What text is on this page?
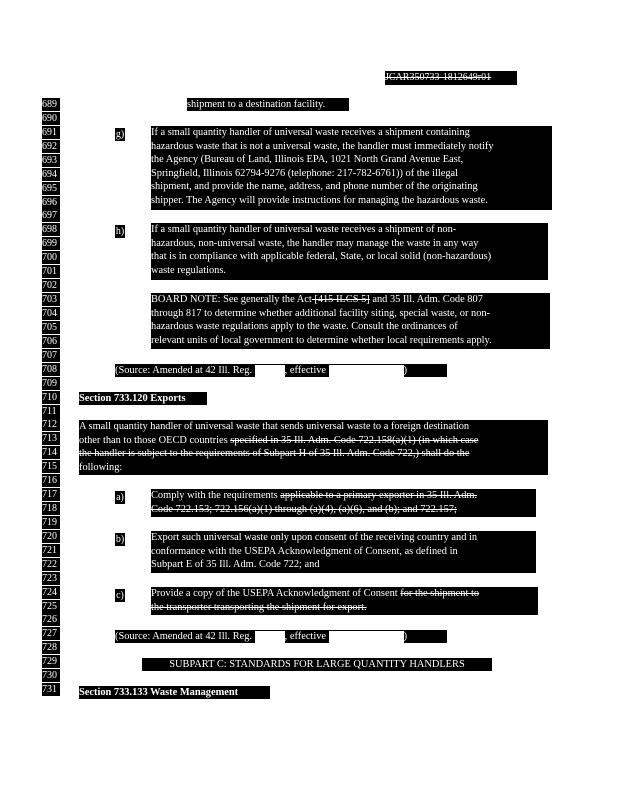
JCAR350733-1812649r01
689
690
691
692
693
694
695
696
697
698
699
700
701
702
703
704
705
706
707
708
709
710
711
712
713
714
715
716
717
718
719
720
721
722
723
724
725
726
727
728
729
730
731
shipment to a destination facility.
g)	If a small quantity handler of universal waste receives a shipment containing
hazardous waste that is not a universal waste, the handler must immediately notify
the Agency (Bureau of Land, Illinois EPA, 1021 North Grand Avenue East,
Springfield, Illinois 62794-9276 (telephone: 217-782-6761)) of the illegal
shipment, and provide the name, address, and phone number of the originating
shipper. The Agency will provide instructions for managing the hazardous waste.
h)	If a small quantity handler of universal waste receives a shipment of non-
hazardous, non-universal waste, the handler may manage the waste in any way
that is in compliance with applicable federal, State, or local solid (non-hazardous)
waste regulations.
BOARD NOTE: See generally the Act [415 ILCS 5] and 35 Ill. Adm. Code 807
through 817 to determine whether additional facility siting, special waste, or non-
hazardous waste regulations apply to the waste. Consult the ordinances of
relevant units of local government to determine whether local requirements apply.
(Source: Amended at 42 Ill. Reg.	, effective	)
Section 733.120 Exports
A small quantity handler of universal waste that sends universal waste to a foreign destination
other than to those OECD countries specified in 35 Ill. Adm. Code 722.158(a)(1) (in which case
the handler is subject to the requirements of Subpart H of 35 Ill. Adm. Code 722,) shall do the
following:
a)	Comply with the requirements applicable to a primary exporter in 35 Ill. Adm.
Code 722.153; 722.156(a)(1) through (a)(4), (a)(6), and (b); and 722.157;
b)	Export such universal waste only upon consent of the receiving country and in
conformance with the USEPA Acknowledgment of Consent, as defined in
Subpart E of 35 Ill. Adm. Code 722; and
c)	Provide a copy of the USEPA Acknowledgment of Consent for the shipment to
the transporter transporting the shipment for export.
(Source: Amended at 42 Ill. Reg.	, effective	)
SUBPART C: STANDARDS FOR LARGE QUANTITY HANDLERS
Section 733.133 Waste Management
